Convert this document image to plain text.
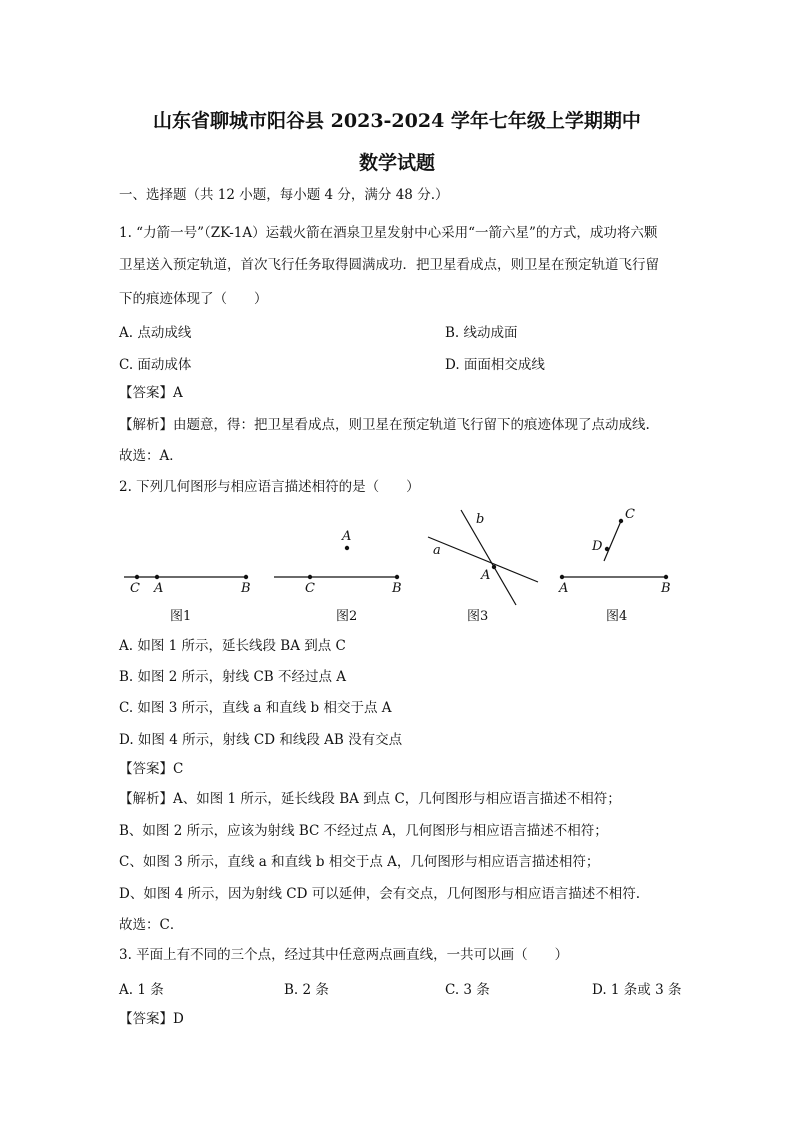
山东省聊城市阳谷县 2023-2024 学年七年级上学期期中
数学试题
一、选择题（共 12 小题，每小题 4 分，满分 48 分.）
1. “力箭一号”（ZK-1A）运载火箭在酒泉卫星发射中心采用“一箭六星”的方式，成功将六颗
卫星送入预定轨道，首次飞行任务取得圆满成功．把卫星看成点，则卫星在预定轨道飞行留
下的痕迹体现了（　　）
A. 点动成线	B. 线动成面
C. 面动成体	D. 面面相交成线
【答案】A
【解析】由题意，得：把卫星看成点，则卫星在预定轨道飞行留下的痕迹体现了点动成线.
故选：A．
2. 下列几何图形与相应语言描述相符的是（　　）
C A	B
A
C	B
b
a
A
C
D
A	B
图1	图2	图3	图4
A. 如图 1 所示，延长线段 BA 到点 C
B. 如图 2 所示，射线 CB 不经过点 A
C. 如图 3 所示，直线 a 和直线 b 相交于点 A
D. 如图 4 所示，射线 CD 和线段 AB 没有交点
【答案】C
【解析】A、如图 1 所示，延长线段 BA 到点 C，几何图形与相应语言描述不相符；
B、如图 2 所示，应该为射线 BC 不经过点 A，几何图形与相应语言描述不相符；
C、如图 3 所示，直线 a 和直线 b 相交于点 A，几何图形与相应语言描述相符；
D、如图 4 所示，因为射线 CD 可以延伸，会有交点，几何图形与相应语言描述不相符.
故选：C．
3. 平面上有不同的三个点，经过其中任意两点画直线，一共可以画（　　）
A. 1 条	B. 2 条	C. 3 条	D. 1 条或 3 条
【答案】D
